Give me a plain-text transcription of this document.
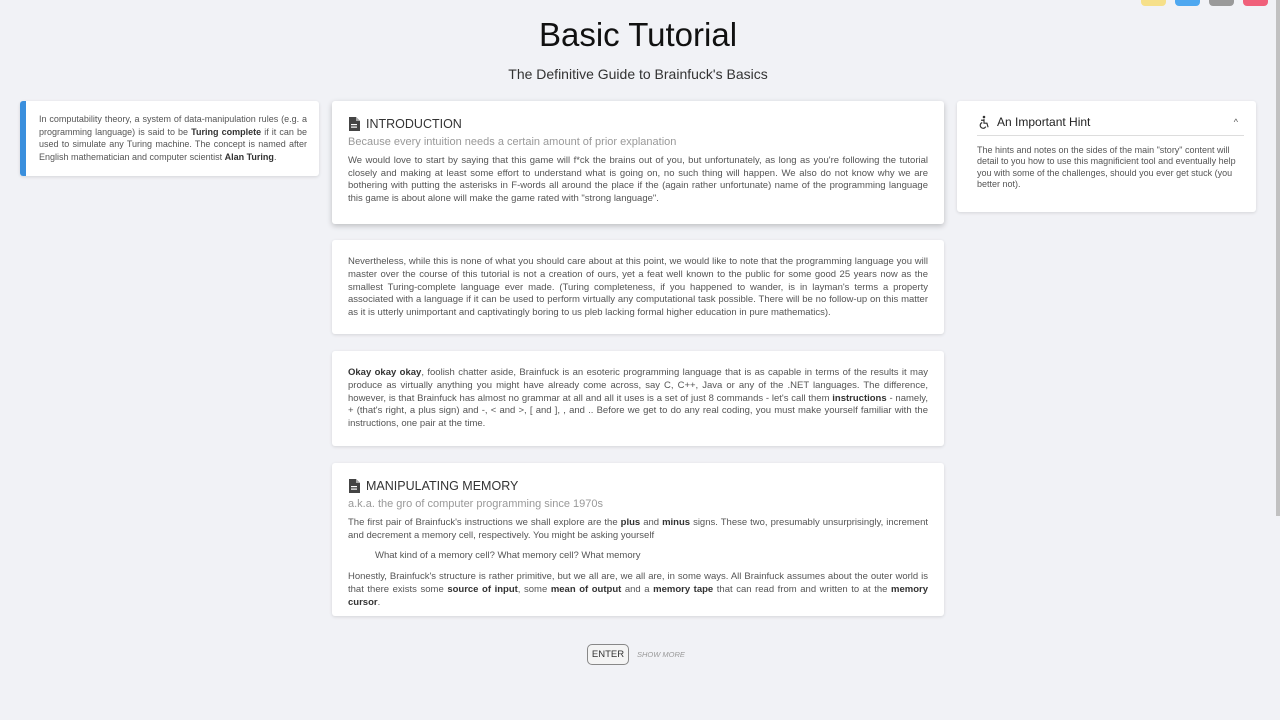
Basic Tutorial
The Definitive Guide to Brainfuck's Basics
In computability theory, a system of data-manipulation rules (e.g. a programming language) is said to be Turing complete if it can be used to simulate any Turing machine. The concept is named after English mathematician and computer scientist Alan Turing.
An Important Hint	^
The hints and notes on the sides of the main "story" content will detail to you how to use this magnificient tool and eventually help you with some of the challenges, should you ever get stuck (you better not).
INTRODUCTION
Because every intuition needs a certain amount of prior explanation

We would love to start by saying that this game will f*ck the brains out of you, but unfortunately, as long as you're following the tutorial closely and making at least some effort to understand what is going on, no such thing will happen. We also do not know why we are bothering with putting the asterisks in F-words all around the place if the (again rather unfortunate) name of the programming language this game is about alone will make the game rated with "strong language".

Nevertheless, while this is none of what you should care about at this point, we would like to note that the programming language you will master over the course of this tutorial is not a creation of ours, yet a feat well known to the public for some good 25 years now as the smallest Turing-complete language ever made. (Turing completeness, if you happened to wander, is in layman's terms a property associated with a language if it can be used to perform virtually any computational task possible. There will be no follow-up on this matter as it is utterly unimportant and captivatingly boring to us pleb lacking formal higher education in pure mathematics).

Okay okay okay, foolish chatter aside, Brainfuck is an esoteric programming language that is as capable in terms of the results it may produce as virtually anything you might have already come across, say C, C++, Java or any of the .NET languages. The difference, however, is that Brainfuck has almost no grammar at all and all it uses is a set of just 8 commands - let's call them instructions - namely, + (that's right, a plus sign) and -, < and >, [ and ], , and .. Before we get to do any real coding, you must make yourself familiar with the instructions, one pair at the time.

MANIPULATING MEMORY
a.k.a. the gro of computer programming since 1970s

The first pair of Brainfuck's instructions we shall explore are the plus and minus signs. These two, presumably unsurprisingly, increment and decrement a memory cell, respectively. You might be asking yourself

What kind of a memory cell? What memory cell? What memory

Honestly, Brainfuck's structure is rather primitive, but we all are, we all are, in some ways. All Brainfuck assumes about the outer world is that there exists some source of input, some mean of output and a memory tape that can read from and written to at the memory cursor.

ENTER	SHOW MORE
